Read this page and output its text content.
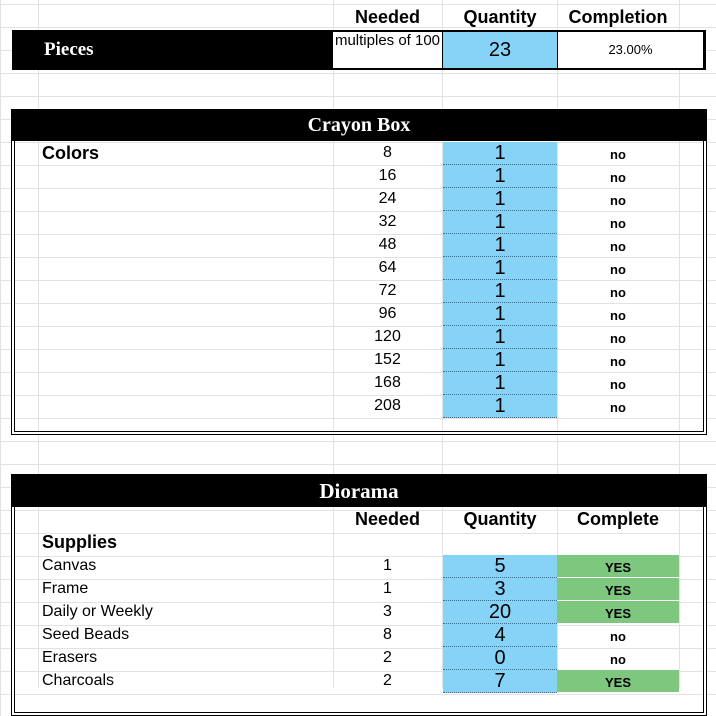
Needed	Quantity	Completion
Pieces	multiples of 100	23	23.00%
Crayon Box
Colors	8	1	no
16	1	no
24	1	no
32	1	no
48	1	no
64	1	no
72	1	no
96	1	no
120	1	no
152	1	no
168	1	no
208	1	no
Diorama
Needed	Quantity	Complete
Supplies
Canvas	1	5	YES
Frame	1	3	YES
Daily or Weekly	3	20	YES
Seed Beads	8	4	no
Erasers	2	0	no
Charcoals	2	7	YES
